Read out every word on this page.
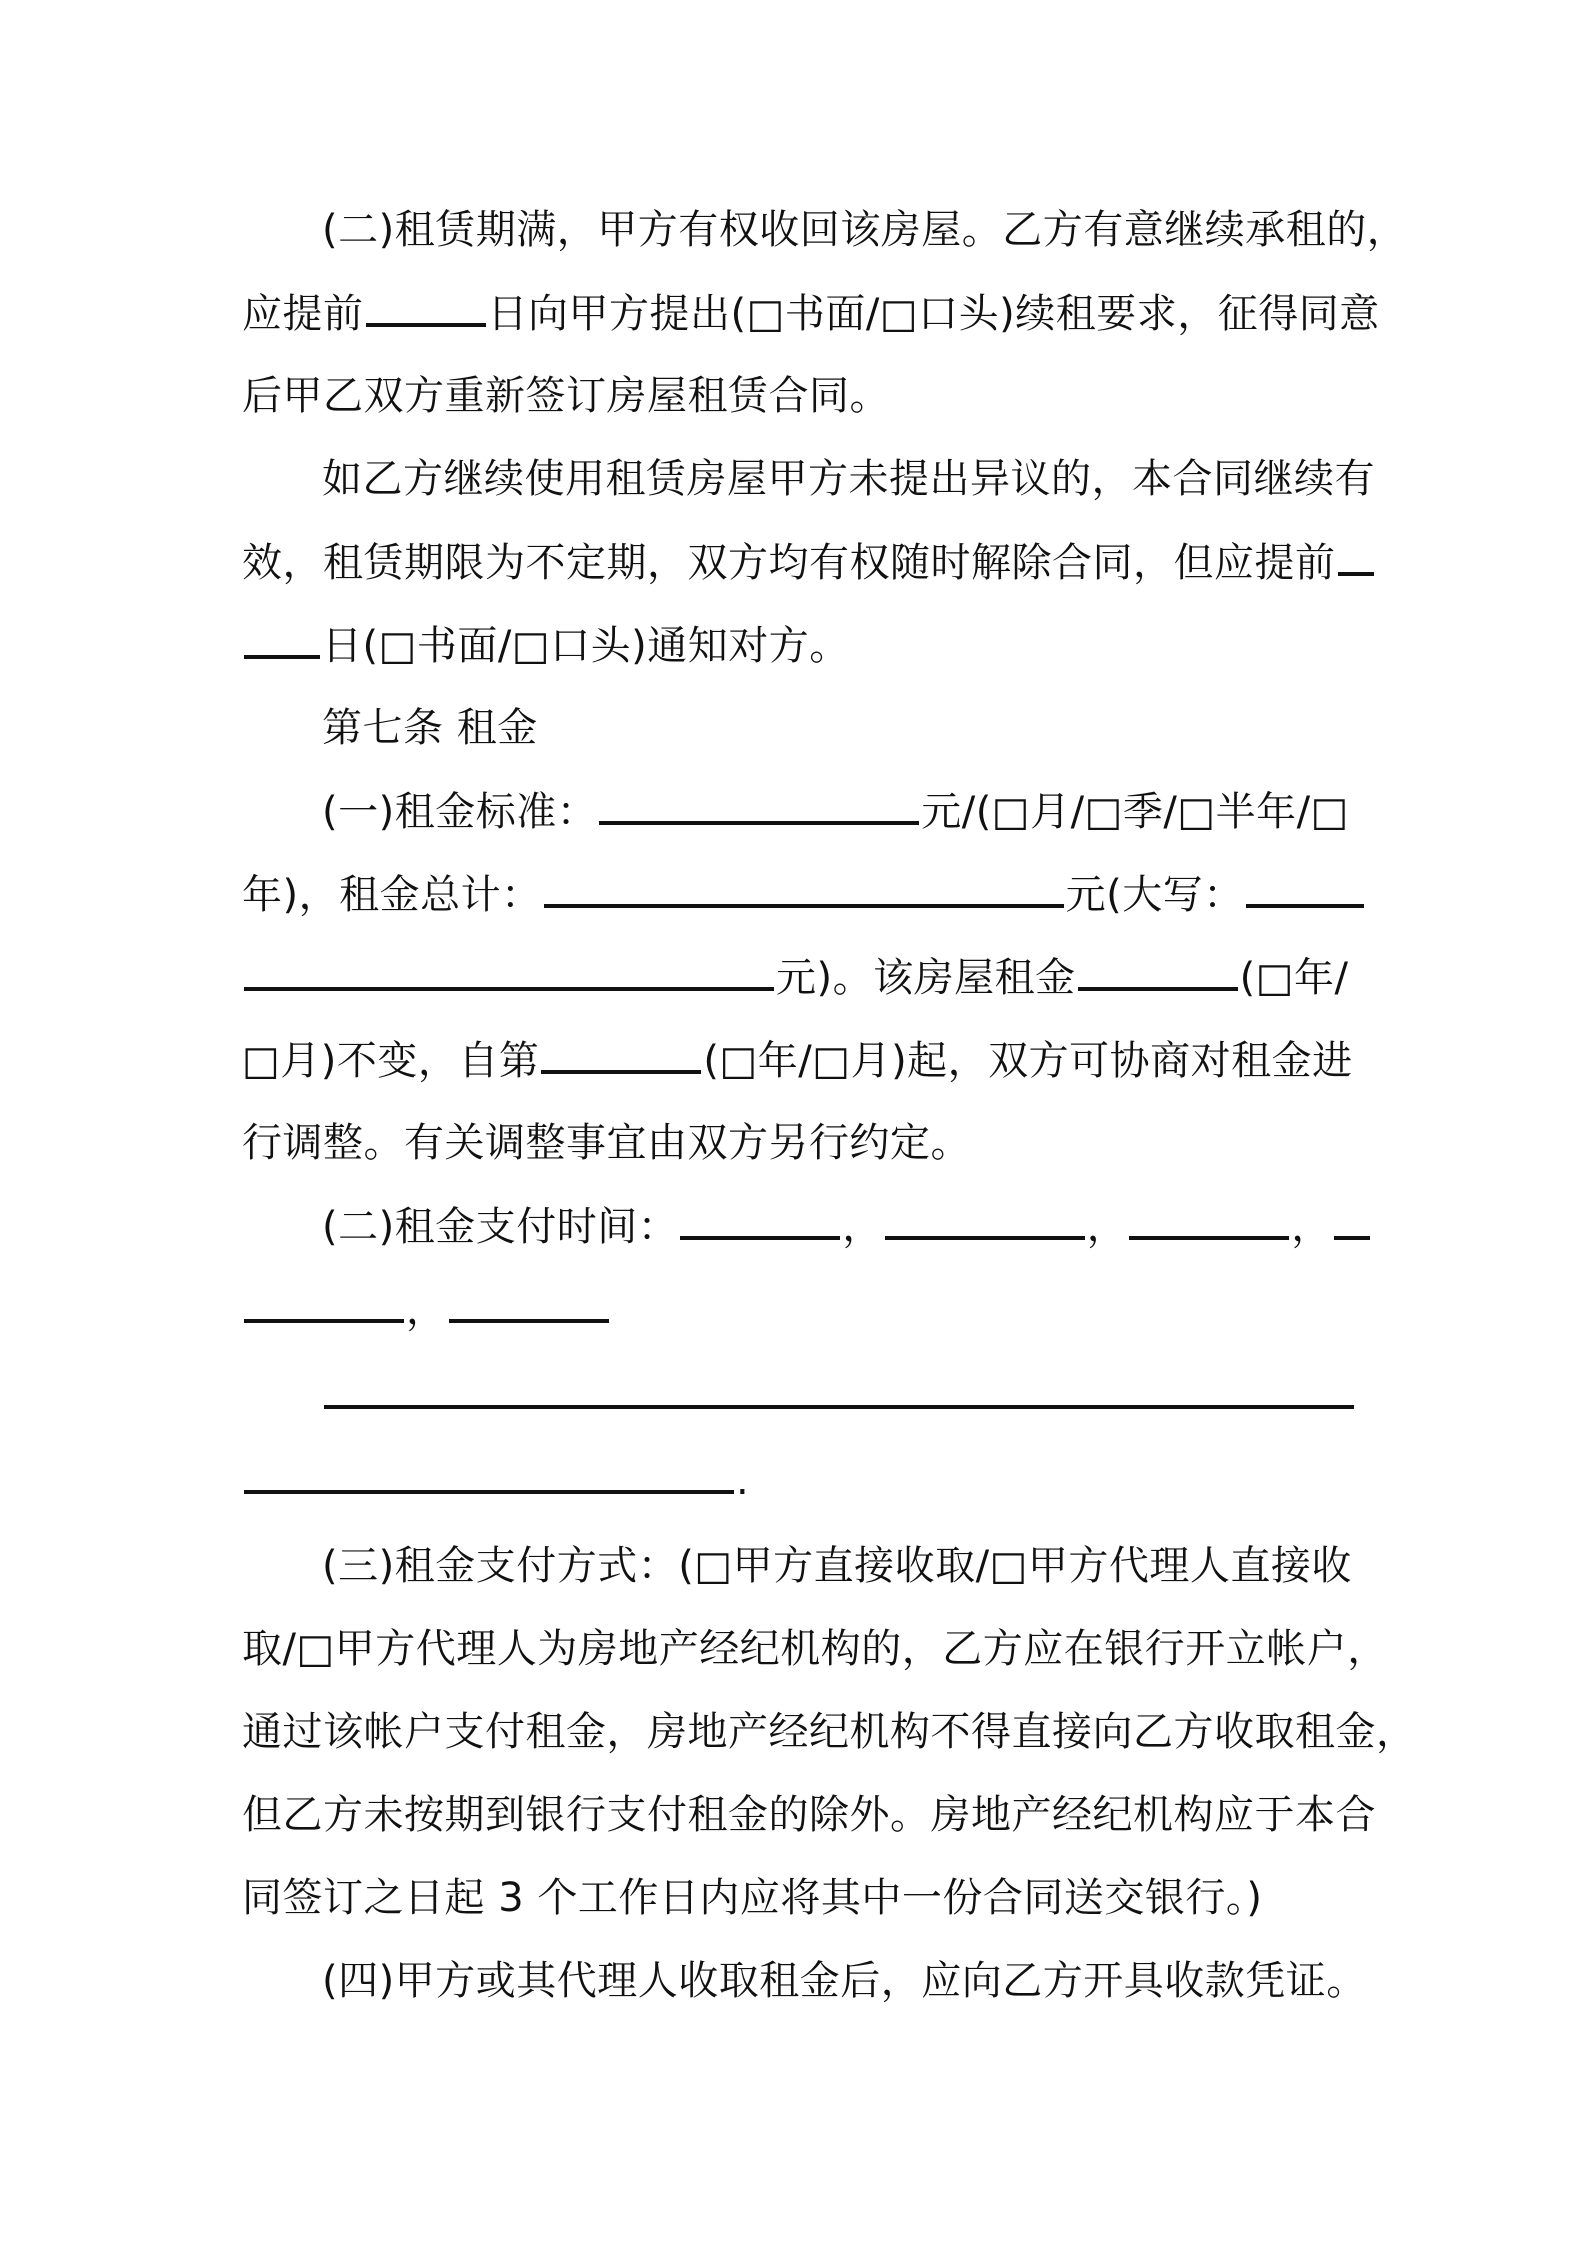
(二)租赁期满，甲方有权收回该房屋。乙方有意继续承租的，
应提前	日向甲方提出(□书面/□口头)续租要求，征得同意
后甲乙双方重新签订房屋租赁合同。
如乙方继续使用租赁房屋甲方未提出异议的，本合同继续有
效，租赁期限为不定期，双方均有权随时解除合同，但应提前
日(□书面/□口头)通知对方。
第七条 租金
(一)租金标准：	元/(□月/□季/□半年/□
年)，租金总计：	元(大写：
元)。该房屋租金	(□年/
□月)不变，自第	(□年/□月)起，双方可协商对租金进
行调整。有关调整事宜由双方另行约定。
(二)租金支付时间：	，	，	，
，
.
(三)租金支付方式：(□甲方直接收取/□甲方代理人直接收
取/□甲方代理人为房地产经纪机构的，乙方应在银行开立帐户，
通过该帐户支付租金，房地产经纪机构不得直接向乙方收取租金，
但乙方未按期到银行支付租金的除外。房地产经纪机构应于本合
同签订之日起 3 个工作日内应将其中一份合同送交银行。)
(四)甲方或其代理人收取租金后，应向乙方开具收款凭证。
